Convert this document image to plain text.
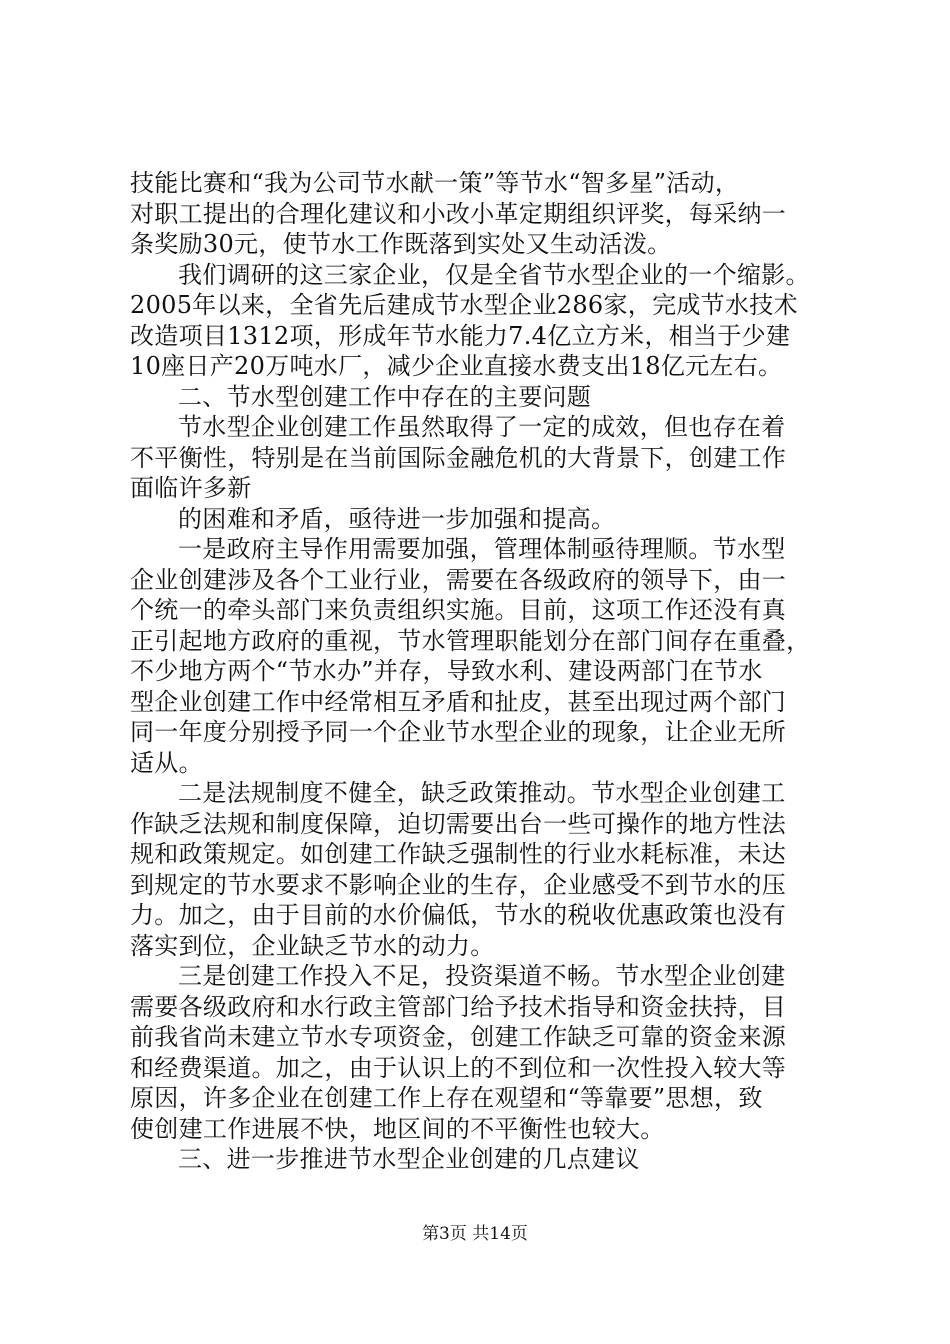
技能比赛和“我为公司节水献一策”等节水“智多星”活动，
对职工提出的合理化建议和小改小革定期组织评奖，每采纳一
条奖励30元，使节水工作既落到实处又生动活泼。
我们调研的这三家企业，仅是全省节水型企业的一个缩影。
2005年以来，全省先后建成节水型企业286家，完成节水技术
改造项目1312项，形成年节水能力7.4亿立方米，相当于少建
10座日产20万吨水厂，减少企业直接水费支出18亿元左右。
二、节水型创建工作中存在的主要问题
节水型企业创建工作虽然取得了一定的成效，但也存在着
不平衡性，特别是在当前国际金融危机的大背景下，创建工作
面临许多新
的困难和矛盾，亟待进一步加强和提高。
一是政府主导作用需要加强，管理体制亟待理顺。节水型
企业创建涉及各个工业行业，需要在各级政府的领导下，由一
个统一的牵头部门来负责组织实施。目前，这项工作还没有真
正引起地方政府的重视，节水管理职能划分在部门间存在重叠，
不少地方两个“节水办”并存，导致水利、建设两部门在节水
型企业创建工作中经常相互矛盾和扯皮，甚至出现过两个部门
同一年度分别授予同一个企业节水型企业的现象，让企业无所
适从。
二是法规制度不健全，缺乏政策推动。节水型企业创建工
作缺乏法规和制度保障，迫切需要出台一些可操作的地方性法
规和政策规定。如创建工作缺乏强制性的行业水耗标准，未达
到规定的节水要求不影响企业的生存，企业感受不到节水的压
力。加之，由于目前的水价偏低，节水的税收优惠政策也没有
落实到位，企业缺乏节水的动力。
三是创建工作投入不足，投资渠道不畅。节水型企业创建
需要各级政府和水行政主管部门给予技术指导和资金扶持，目
前我省尚未建立节水专项资金，创建工作缺乏可靠的资金来源
和经费渠道。加之，由于认识上的不到位和一次性投入较大等
原因，许多企业在创建工作上存在观望和“等靠要”思想，致
使创建工作进展不快，地区间的不平衡性也较大。
三、进一步推进节水型企业创建的几点建议
第3页 共14页
